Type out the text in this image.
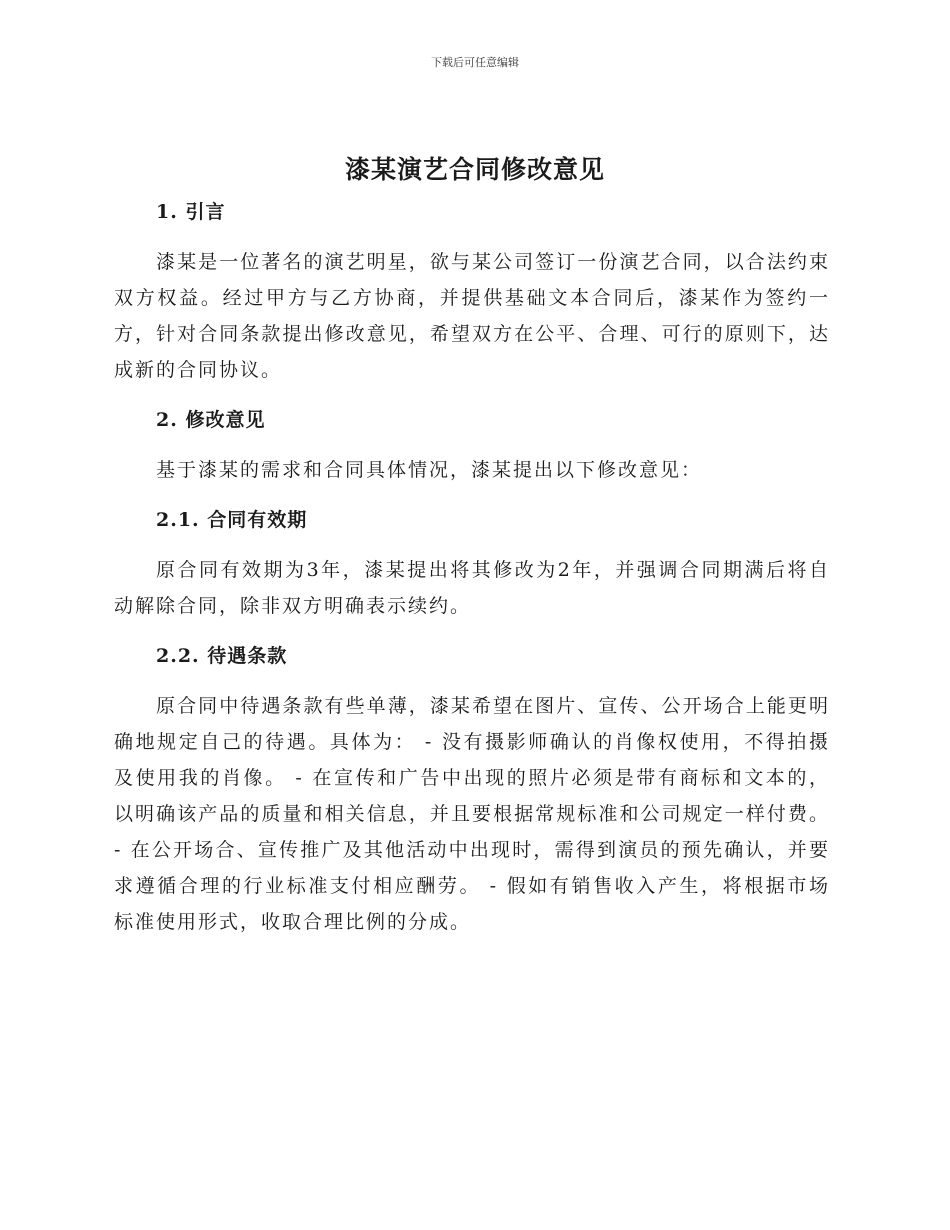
下载后可任意编辑
漆某演艺合同修改意见
1. 引言

漆某是一位著名的演艺明星，欲与某公司签订一份演艺合同，以合法约束双方权益。经过甲方与乙方协商，并提供基础文本合同后，漆某作为签约一方，针对合同条款提出修改意见，希望双方在公平、合理、可行的原则下，达成新的合同协议。

2. 修改意见

基于漆某的需求和合同具体情况，漆某提出以下修改意见：

2.1. 合同有效期

原合同有效期为3年，漆某提出将其修改为2年，并强调合同期满后将自动解除合同，除非双方明确表示续约。

2.2. 待遇条款

原合同中待遇条款有些单薄，漆某希望在图片、宣传、公开场合上能更明确地规定自己的待遇。具体为： - 没有摄影师确认的肖像权使用，不得拍摄及使用我的肖像。 - 在宣传和广告中出现的照片必须是带有商标和文本的，以明确该产品的质量和相关信息，并且要根据常规标准和公司规定一样付费。 - 在公开场合、宣传推广及其他活动中出现时，需得到演员的预先确认，并要求遵循合理的行业标准支付相应酬劳。 - 假如有销售收入产生，将根据市场标准使用形式，收取合理比例的分成。
